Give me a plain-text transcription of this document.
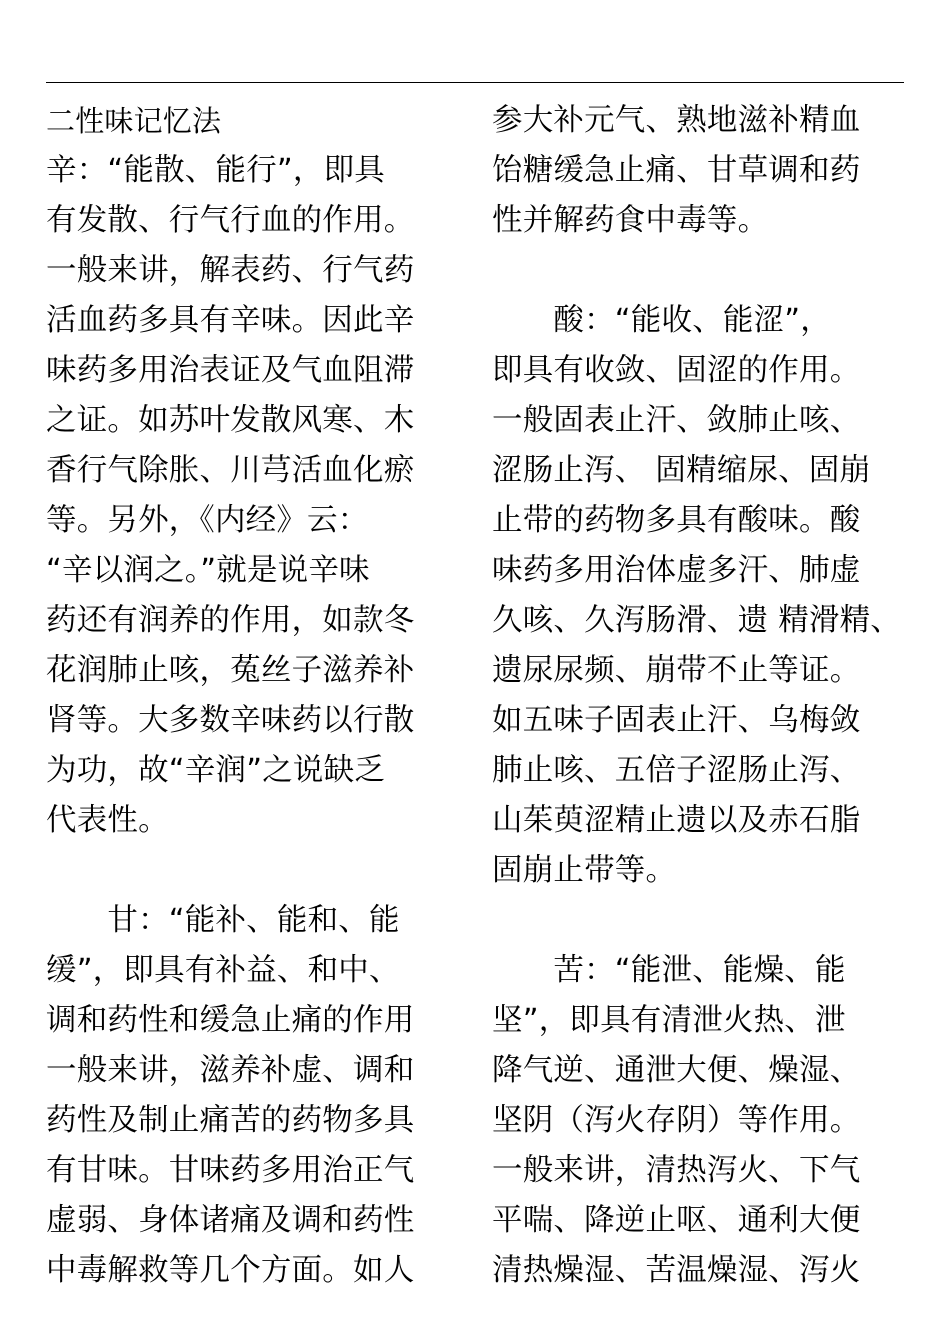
二性味记忆法
辛：“能散、能行”，即具
有发散、行气行血的作用。
一般来讲，解表药、行气药
活血药多具有辛味。因此辛
味药多用治表证及气血阻滞
之证。如苏叶发散风寒、木
香行气除胀、川芎活血化瘀
等。另外，《内经》云：
“辛以润之。”就是说辛味
药还有润养的作用，如款冬
花润肺止咳，菟丝子滋养补
肾等。大多数辛味药以行散
为功，故“辛润”之说缺乏
代表性。
　　甘：“能补、能和、能
缓”，即具有补益、和中、
调和药性和缓急止痛的作用
一般来讲，滋养补虚、调和
药性及制止痛苦的药物多具
有甘味。甘味药多用治正气
虚弱、身体诸痛及调和药性
中毒解救等几个方面。如人
参大补元气、熟地滋补精血
饴糖缓急止痛、甘草调和药
性并解药食中毒等。
　　酸：“能收、能涩”，
即具有收敛、固涩的作用。
一般固表止汗、敛肺止咳、
涩肠止泻、 固精缩尿、固崩
止带的药物多具有酸味。酸
味药多用治体虚多汗、肺虚
久咳、久泻肠滑、遗 精滑精、
遗尿尿频、崩带不止等证。
如五味子固表止汗、乌梅敛
肺止咳、五倍子涩肠止泻、
山茱萸涩精止遗以及赤石脂
固崩止带等。
　　苦：“能泄、能燥、能
坚”，即具有清泄火热、泄
降气逆、通泄大便、燥湿、
坚阴（泻火存阴）等作用。
一般来讲，清热泻火、下气
平喘、降逆止呕、通利大便
清热燥湿、苦温燥湿、泻火
